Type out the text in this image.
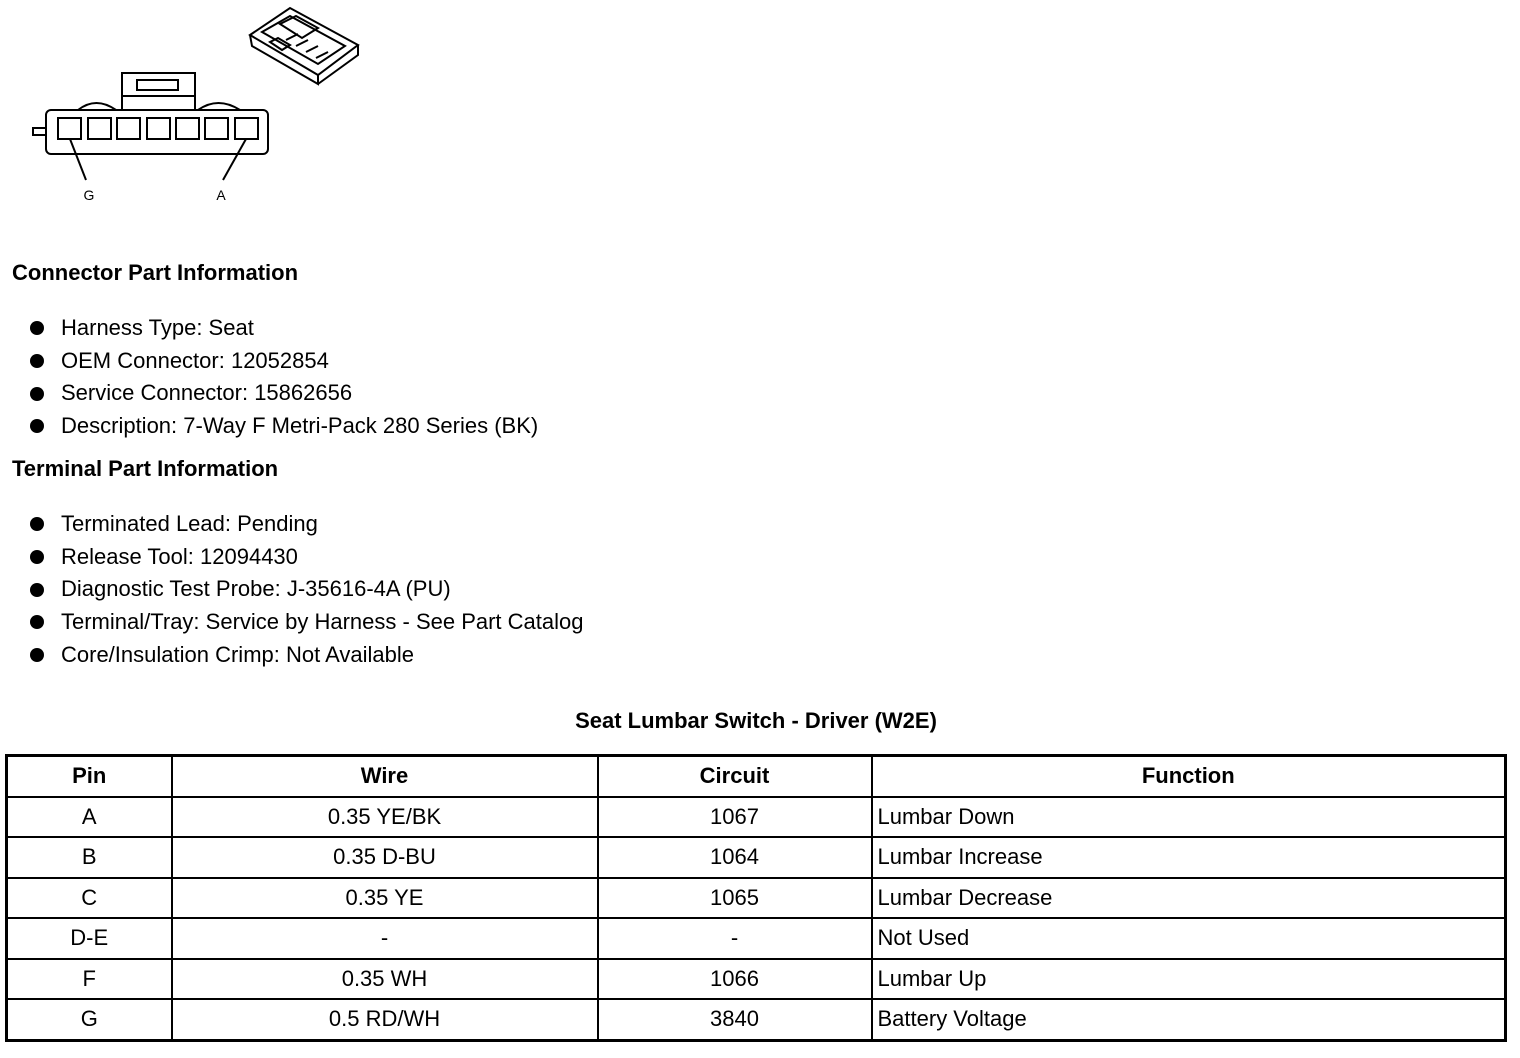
G	A
Connector Part Information
Harness Type: Seat
OEM Connector: 12052854
Service Connector: 15862656
Description: 7-Way F Metri-Pack 280 Series (BK)
Terminal Part Information
Terminated Lead: Pending
Release Tool: 12094430
Diagnostic Test Probe: J-35616-4A (PU)
Terminal/Tray: Service by Harness - See Part Catalog
Core/Insulation Crimp: Not Available
Seat Lumbar Switch - Driver (W2E)
Pin	Wire	Circuit	Function
A	0.35 YE/BK	1067	Lumbar Down
B	0.35 D-BU	1064	Lumbar Increase
C	0.35 YE	1065	Lumbar Decrease
D-E	-	-	Not Used
F	0.35 WH	1066	Lumbar Up
G	0.5 RD/WH	3840	Battery Voltage
